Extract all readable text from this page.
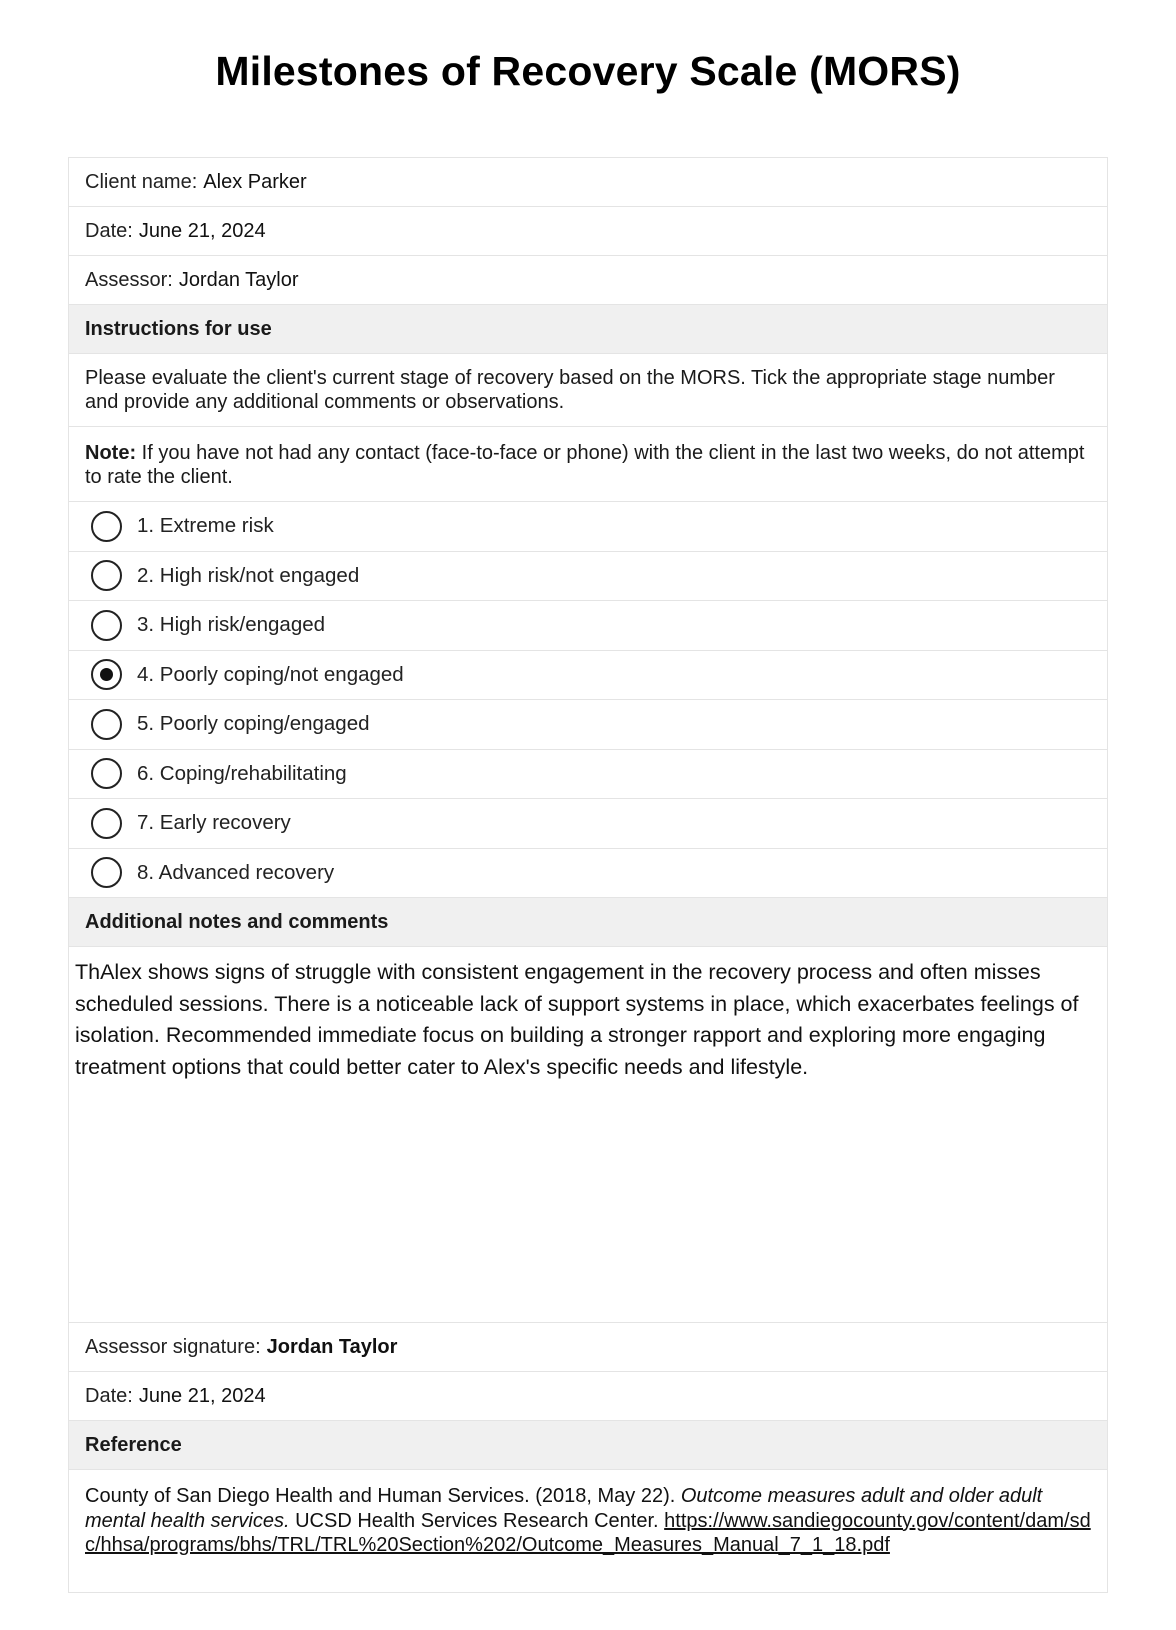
Milestones of Recovery Scale (MORS)
Client name: Alex Parker
Date: June 21, 2024
Assessor: Jordan Taylor
Instructions for use
Please evaluate the client's current stage of recovery based on the MORS. Tick the appropriate stage number and provide any additional comments or observations.
Note: If you have not had any contact (face-to-face or phone) with the client in the last two weeks, do not attempt to rate the client.
1. Extreme risk
2. High risk/not engaged
3. High risk/engaged
4. Poorly coping/not engaged
5. Poorly coping/engaged
6. Coping/rehabilitating
7. Early recovery
8. Advanced recovery
Additional notes and comments
ThAlex shows signs of struggle with consistent engagement in the recovery process and often misses scheduled sessions. There is a noticeable lack of support systems in place, which exacerbates feelings of isolation. Recommended immediate focus on building a stronger rapport and exploring more engaging treatment options that could better cater to Alex's specific needs and lifestyle.
Assessor signature: Jordan Taylor
Date: June 21, 2024
Reference
County of San Diego Health and Human Services. (2018, May 22). Outcome measures adult and older adult mental health services. UCSD Health Services Research Center. https://www.sandiegocounty.gov/content/dam/sdc/hhsa/programs/bhs/TRL/TRL%20Section%202/Outcome_Measures_Manual_7_1_18.pdf
